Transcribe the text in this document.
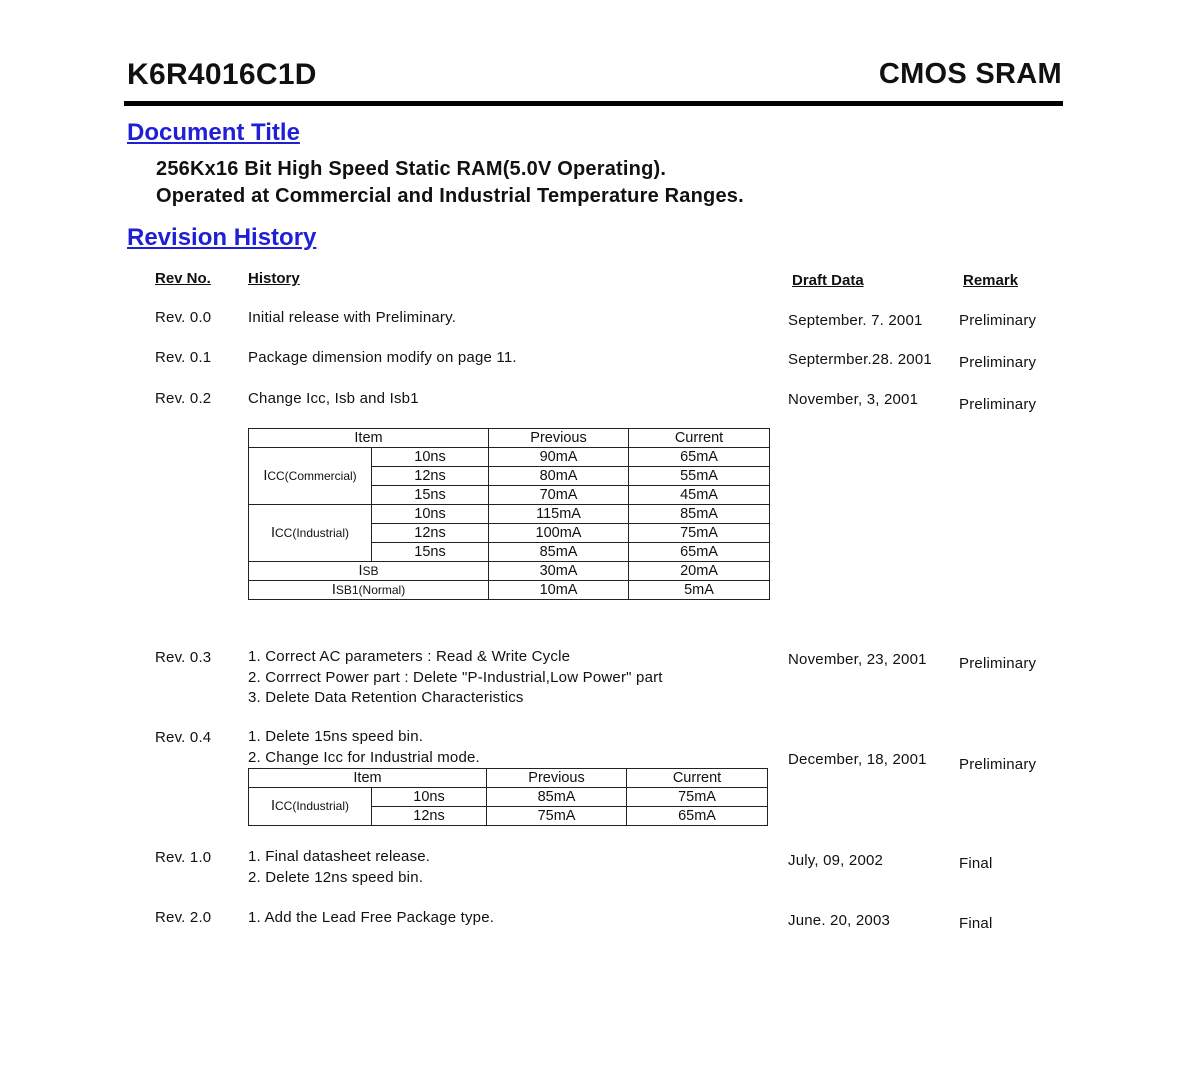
K6R4016C1D	CMOS SRAM
Document Title
256Kx16 Bit High Speed Static RAM(5.0V Operating).
Operated at Commercial and Industrial Temperature Ranges.
Revision History
Rev No. History	Draft Data	Remark
Rev. 0.0 Initial release with Preliminary.	September. 7. 2001 Preliminary
Rev. 0.1 Package dimension modify on page 11.	Septermber.28. 2001 Preliminary
Rev. 0.2 Change Icc, Isb and Isb1	November, 3, 2001	Preliminary
Item		Previous	Current
ICC(Commercial)	10ns	90mA	65mA
	12ns	80mA	55mA
	15ns	70mA	45mA
ICC(Industrial)	10ns	115mA	85mA
	12ns	100mA	75mA
	15ns	85mA	65mA
ISB		30mA	20mA
ISB1(Normal)		10mA	5mA
Rev. 0.3 1. Correct AC parameters : Read & Write Cycle
2. Corrrect Power part : Delete "P-Industrial,Low Power" part
3. Delete Data Retention Characteristics
November, 23, 2001 Preliminary
Rev. 0.4 1. Delete 15ns speed bin.
2. Change Icc for Industrial mode.	December, 18, 2001 Preliminary
Item		Previous	Current
ICC(Industrial)	10ns	85mA	75mA
	12ns	75mA	65mA
Rev. 1.0 1. Final datasheet release.
2. Delete 12ns speed bin.
July, 09, 2002	Final
Rev. 2.0 1. Add the Lead Free Package type.	June. 20, 2003	Final
